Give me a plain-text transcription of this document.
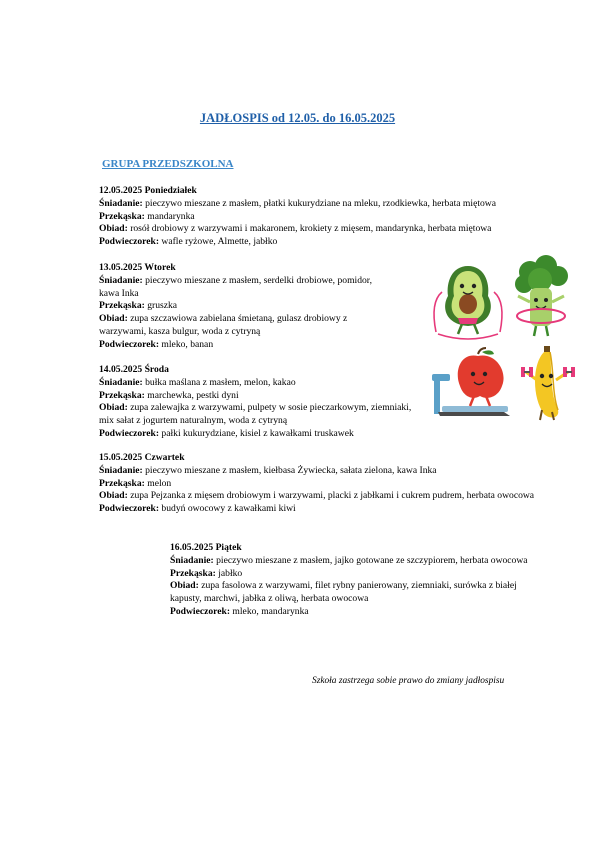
JADŁOSPIS od 12.05. do 16.05.2025
GRUPA PRZEDSZKOLNA
12.05.2025 Poniedziałek
Śniadanie: pieczywo mieszane z masłem, płatki kukurydziane na mleku, rzodkiewka, herbata miętowa
Przekąska: mandarynka
Obiad: rosół drobiowy z warzywami i makaronem, krokiety z mięsem, mandarynka, herbata miętowa
Podwieczorek: wafle ryżowe, Almette, jabłko
13.05.2025 Wtorek
Śniadanie: pieczywo mieszane z masłem, serdelki drobiowe, pomidor, kawa Inka
Przekąska: gruszka
Obiad: zupa szczawiowa zabielana śmietaną, gulasz drobiowy z warzywami, kasza bulgur, woda z cytryną
Podwieczorek: mleko, banan
14.05.2025 Środa
Śniadanie: bułka maślana z masłem, melon, kakao
Przekąska: marchewka, pestki dyni
Obiad: zupa zalewajka z warzywami, pulpety w sosie pieczarkowym, ziemniaki, mix sałat z jogurtem naturalnym, woda z cytryną
Podwieczorek: pałki kukurydziane, kisiel z kawałkami truskawek
15.05.2025 Czwartek
Śniadanie: pieczywo mieszane z masłem, kiełbasa Żywiecka, sałata zielona, kawa Inka
Przekąska: melon
Obiad: zupa Pejzanka z mięsem drobiowym i warzywami, placki z jabłkami i cukrem pudrem, herbata owocowa
Podwieczorek: budyń owocowy z kawałkami kiwi
16.05.2025 Piątek
Śniadanie: pieczywo mieszane z masłem, jajko gotowane ze szczypiorem, herbata owocowa
Przekąska: jabłko
Obiad: zupa fasolowa z warzywami, filet rybny panierowany, ziemniaki, surówka z białej kapusty, marchwi, jabłka z oliwą, herbata owocowa
Podwieczorek: mleko, mandarynka
Szkoła zastrzega sobie prawo do zmiany jadłospisu
